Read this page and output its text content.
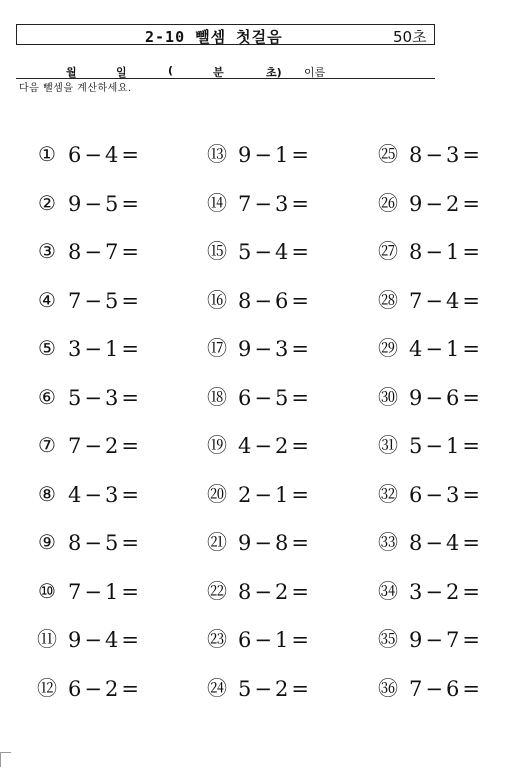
2-10 뺄셈 첫걸음	50초
월	일	(	분	초) 이름
다음 뺄셈을 계산하세요.
① 6−4=
② 9−5=
③ 8−7=
④ 7−5=
⑤ 3−1=
⑥ 5−3=
⑦ 7−2=
⑧ 4−3=
⑨ 8−5=
⑩ 7−1=
⑪ 9−4=
⑫ 6−2=
⑬ 9−1=
⑭ 7−3=
⑮ 5−4=
⑯ 8−6=
⑰ 9−3=
⑱ 6−5=
⑲ 4−2=
⑳ 2−1=
㉑ 9−8=
㉒ 8−2=
㉓ 6−1=
㉔ 5−2=
㉕ 8−3=
㉖ 9−2=
㉗ 8−1=
㉘ 7−4=
㉙ 4−1=
㉚ 9−6=
㉛ 5−1=
㉜ 6−3=
㉝ 8−4=
㉞ 3−2=
㉟ 9−7=
㊱ 7−6=
